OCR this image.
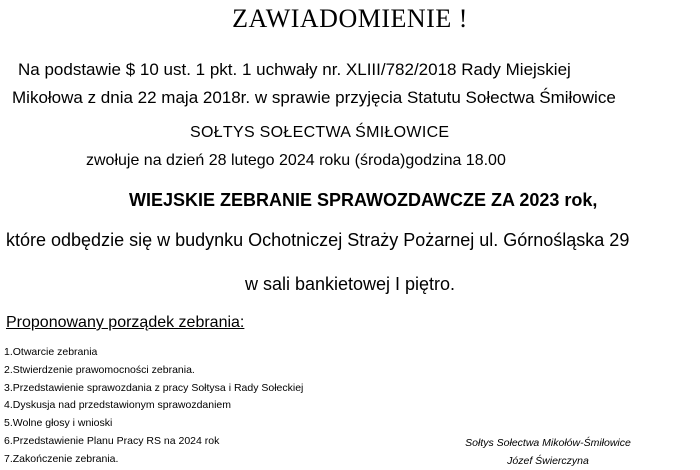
ZAWIADOMIENIE !
Na podstawie $ 10 ust. 1 pkt. 1 uchwały nr. XLIII/782/2018 Rady Miejskiej
Mikołowa z dnia 22 maja 2018r. w sprawie przyjęcia Statutu Sołectwa Śmiłowice
SOŁTYS SOŁECTWA ŚMIŁOWICE
zwołuje na dzień 28 lutego 2024 roku (środa)godzina 18.00
WIEJSKIE ZEBRANIE SPRAWOZDAWCZE ZA 2023 rok,
które odbędzie się w budynku Ochotniczej Straży Pożarnej ul. Górnośląska 29
w sali bankietowej I piętro.
Proponowany porządek zebrania:
1.Otwarcie zebrania
2.Stwierdzenie prawomocności zebrania.
3.Przedstawienie sprawozdania z pracy Sołtysa i Rady Sołeckiej
4.Dyskusja nad przedstawionym sprawozdaniem
5.Wolne głosy i wnioski
6.Przedstawienie Planu Pracy RS na 2024 rok
7.Zakończenie zebrania.
Sołtys Sołectwa Mikołów-Śmiłowice
Józef Świerczyna
